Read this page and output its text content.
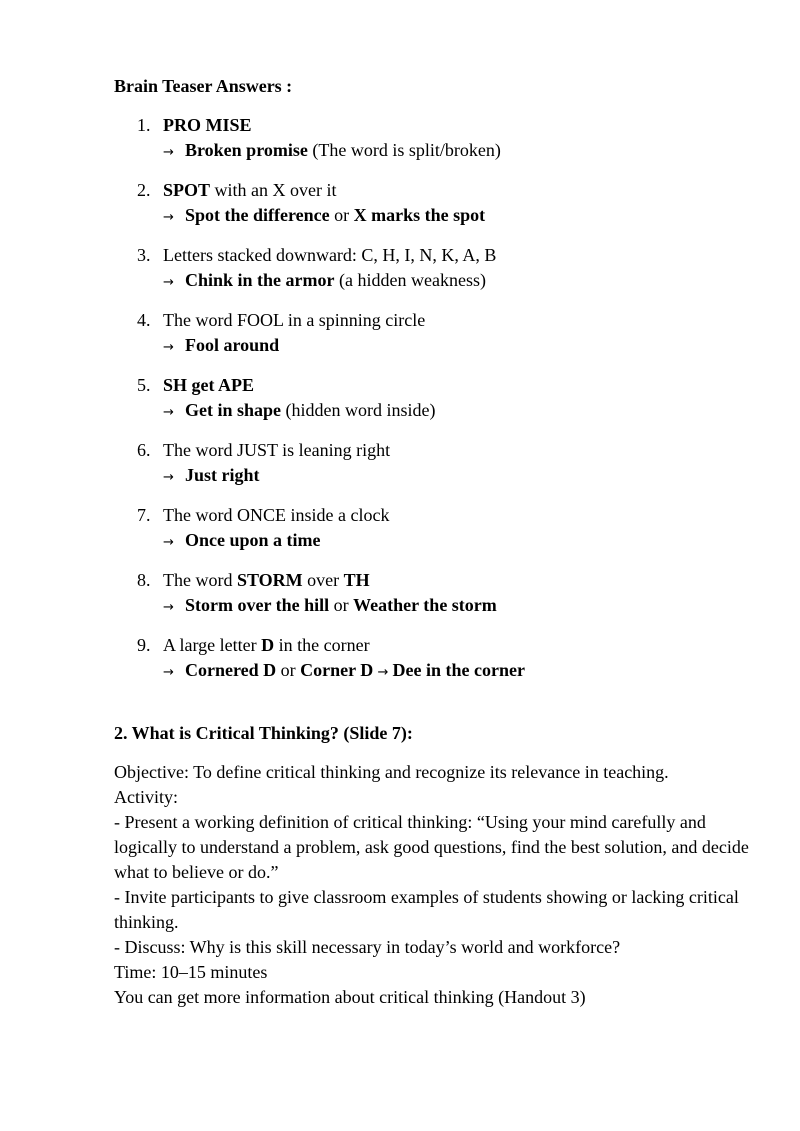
Brain Teaser Answers :

1. PRO MISE
→ Broken promise (The word is split/broken)
2. SPOT with an X over it
→ Spot the difference or X marks the spot
3. Letters stacked downward: C, H, I, N, K, A, B
→ Chink in the armor (a hidden weakness)
4. The word FOOL in a spinning circle
→ Fool around
5. SH get APE
→ Get in shape (hidden word inside)
6. The word JUST is leaning right
→ Just right
7. The word ONCE inside a clock
→ Once upon a time
8. The word STORM over TH
→ Storm over the hill or Weather the storm
9. A large letter D in the corner
→ Cornered D or Corner D → Dee in the corner

2. What is Critical Thinking? (Slide 7):

Objective: To define critical thinking and recognize its relevance in teaching.

Activity:

- Present a working definition of critical thinking: “Using your mind carefully and logically to understand a problem, ask good questions, find the best solution, and decide what to believe or do.”

- Invite participants to give classroom examples of students showing or lacking critical thinking.

- Discuss: Why is this skill necessary in today’s world and workforce?

Time: 10–15 minutes

You can get more information about critical thinking (Handout 3)
